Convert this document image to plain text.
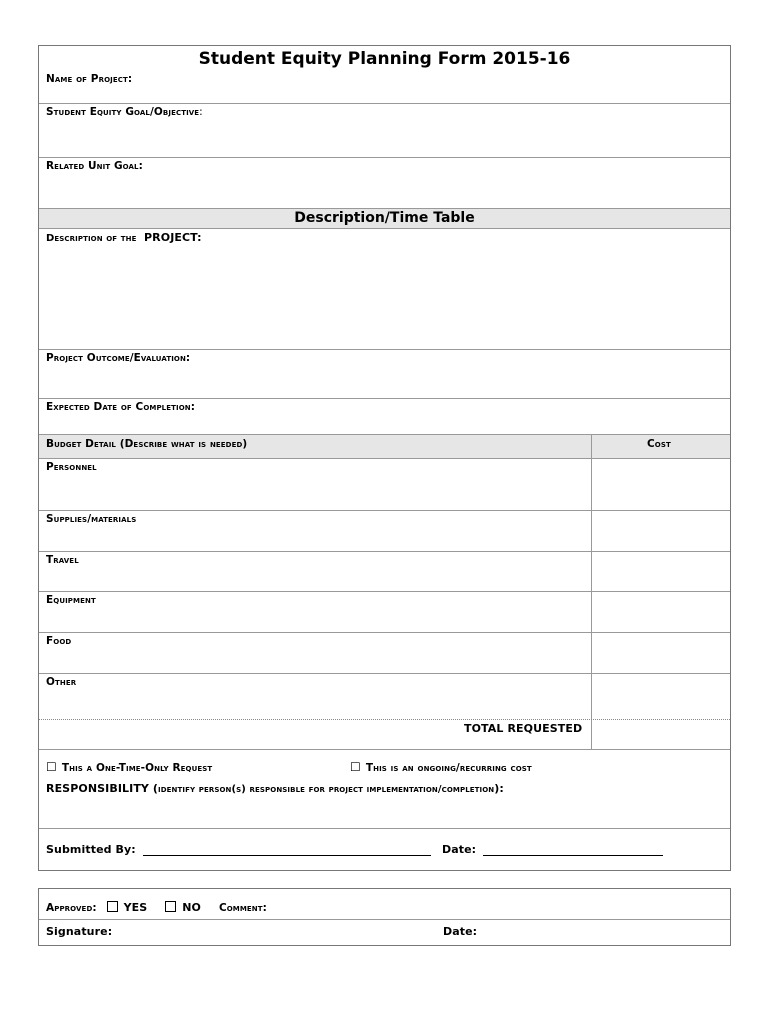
Student Equity Planning Form 2015-16
Name of Project:
Student Equity Goal/Objective:
Related Unit Goal:
Description/Time Table
Description of the PROJECT:
Project Outcome/Evaluation:
Expected Date of Completion:
Budget Detail (Describe what is needed)	Cost
Personnel
Supplies/materials
Travel
Equipment
Food
Other
TOTAL REQUESTED
☐ This a One-Time-Only Request	☐ This is an ongoing/recurring cost
RESPONSIBILITY (identify person(s) responsible for project implementation/completion):
Submitted By:	Date:
Approved: YES	NO Comment:
Signature:	Date:
